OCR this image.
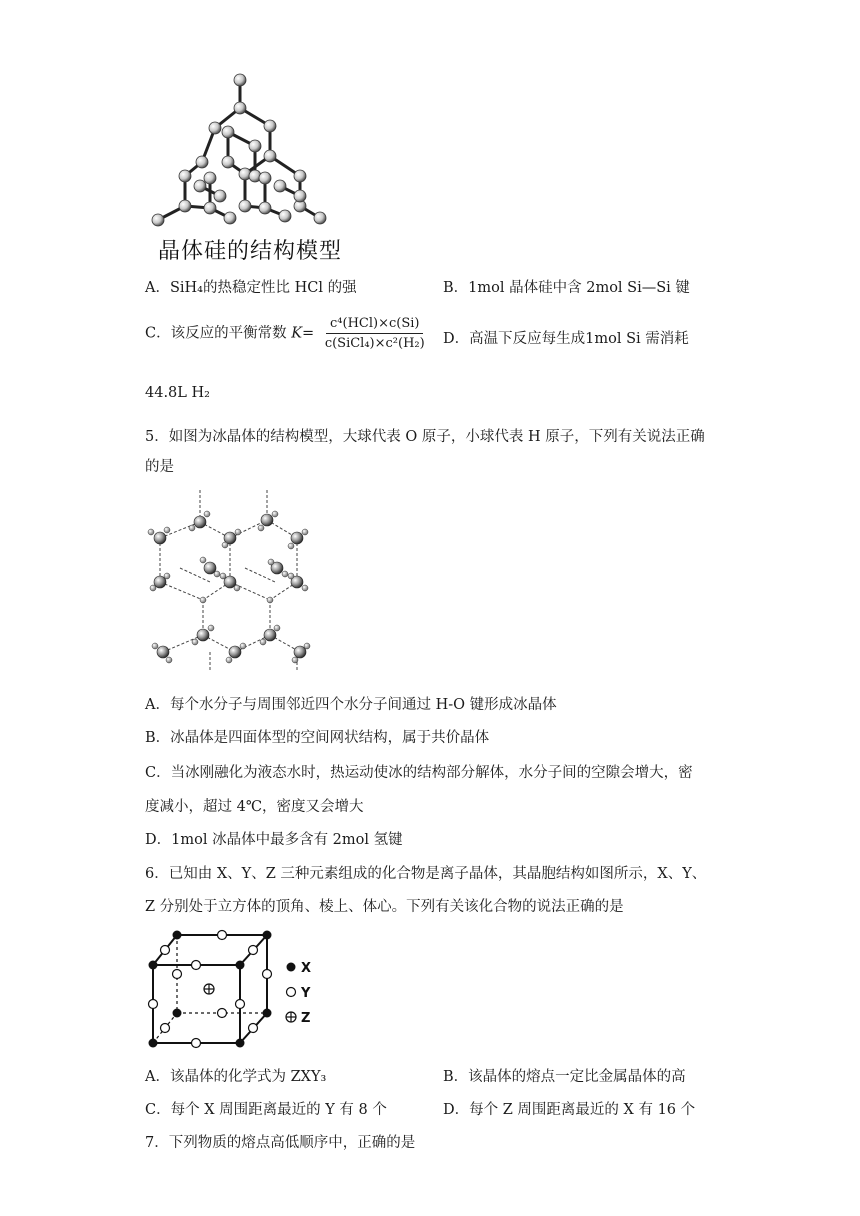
晶体硅的结构模型
A．SiH₄的热稳定性比 HCl 的强	B．1mol 晶体硅中含 2mol Si—Si 键
C．该反应的平衡常数 $K= \frac{\text{c⁴(HCl)×c(Si)}}{\text{c(SiCl₄)×c²(H₂)}}$ D．高温下反应每生成1mol Si 需消耗
44.8L H₂
5．如图为冰晶体的结构模型，大球代表 O 原子，小球代表 H 原子，下列有关说法正确
的是
A．每个水分子与周围邻近四个水分子间通过 H-O 键形成冰晶体
B．冰晶体是四面体型的空间网状结构，属于共价晶体
C．当冰刚融化为液态水时，热运动使冰的结构部分解体，水分子间的空隙会增大，密
度减小，超过 4℃，密度又会增大
D．1mol 冰晶体中最多含有 2mol 氢键
6．已知由 X、Y、Z 三种元素组成的化合物是离子晶体，其晶胞结构如图所示，X、Y、
Z 分别处于立方体的顶角、棱上、体心。下列有关该化合物的说法正确的是
X
Y
Z
A．该晶体的化学式为 ZXY₃	B．该晶体的熔点一定比金属晶体的高
C．每个 X 周围距离最近的 Y 有 8 个	D．每个 Z 周围距离最近的 X 有 16 个
7．下列物质的熔点高低顺序中，正确的是
